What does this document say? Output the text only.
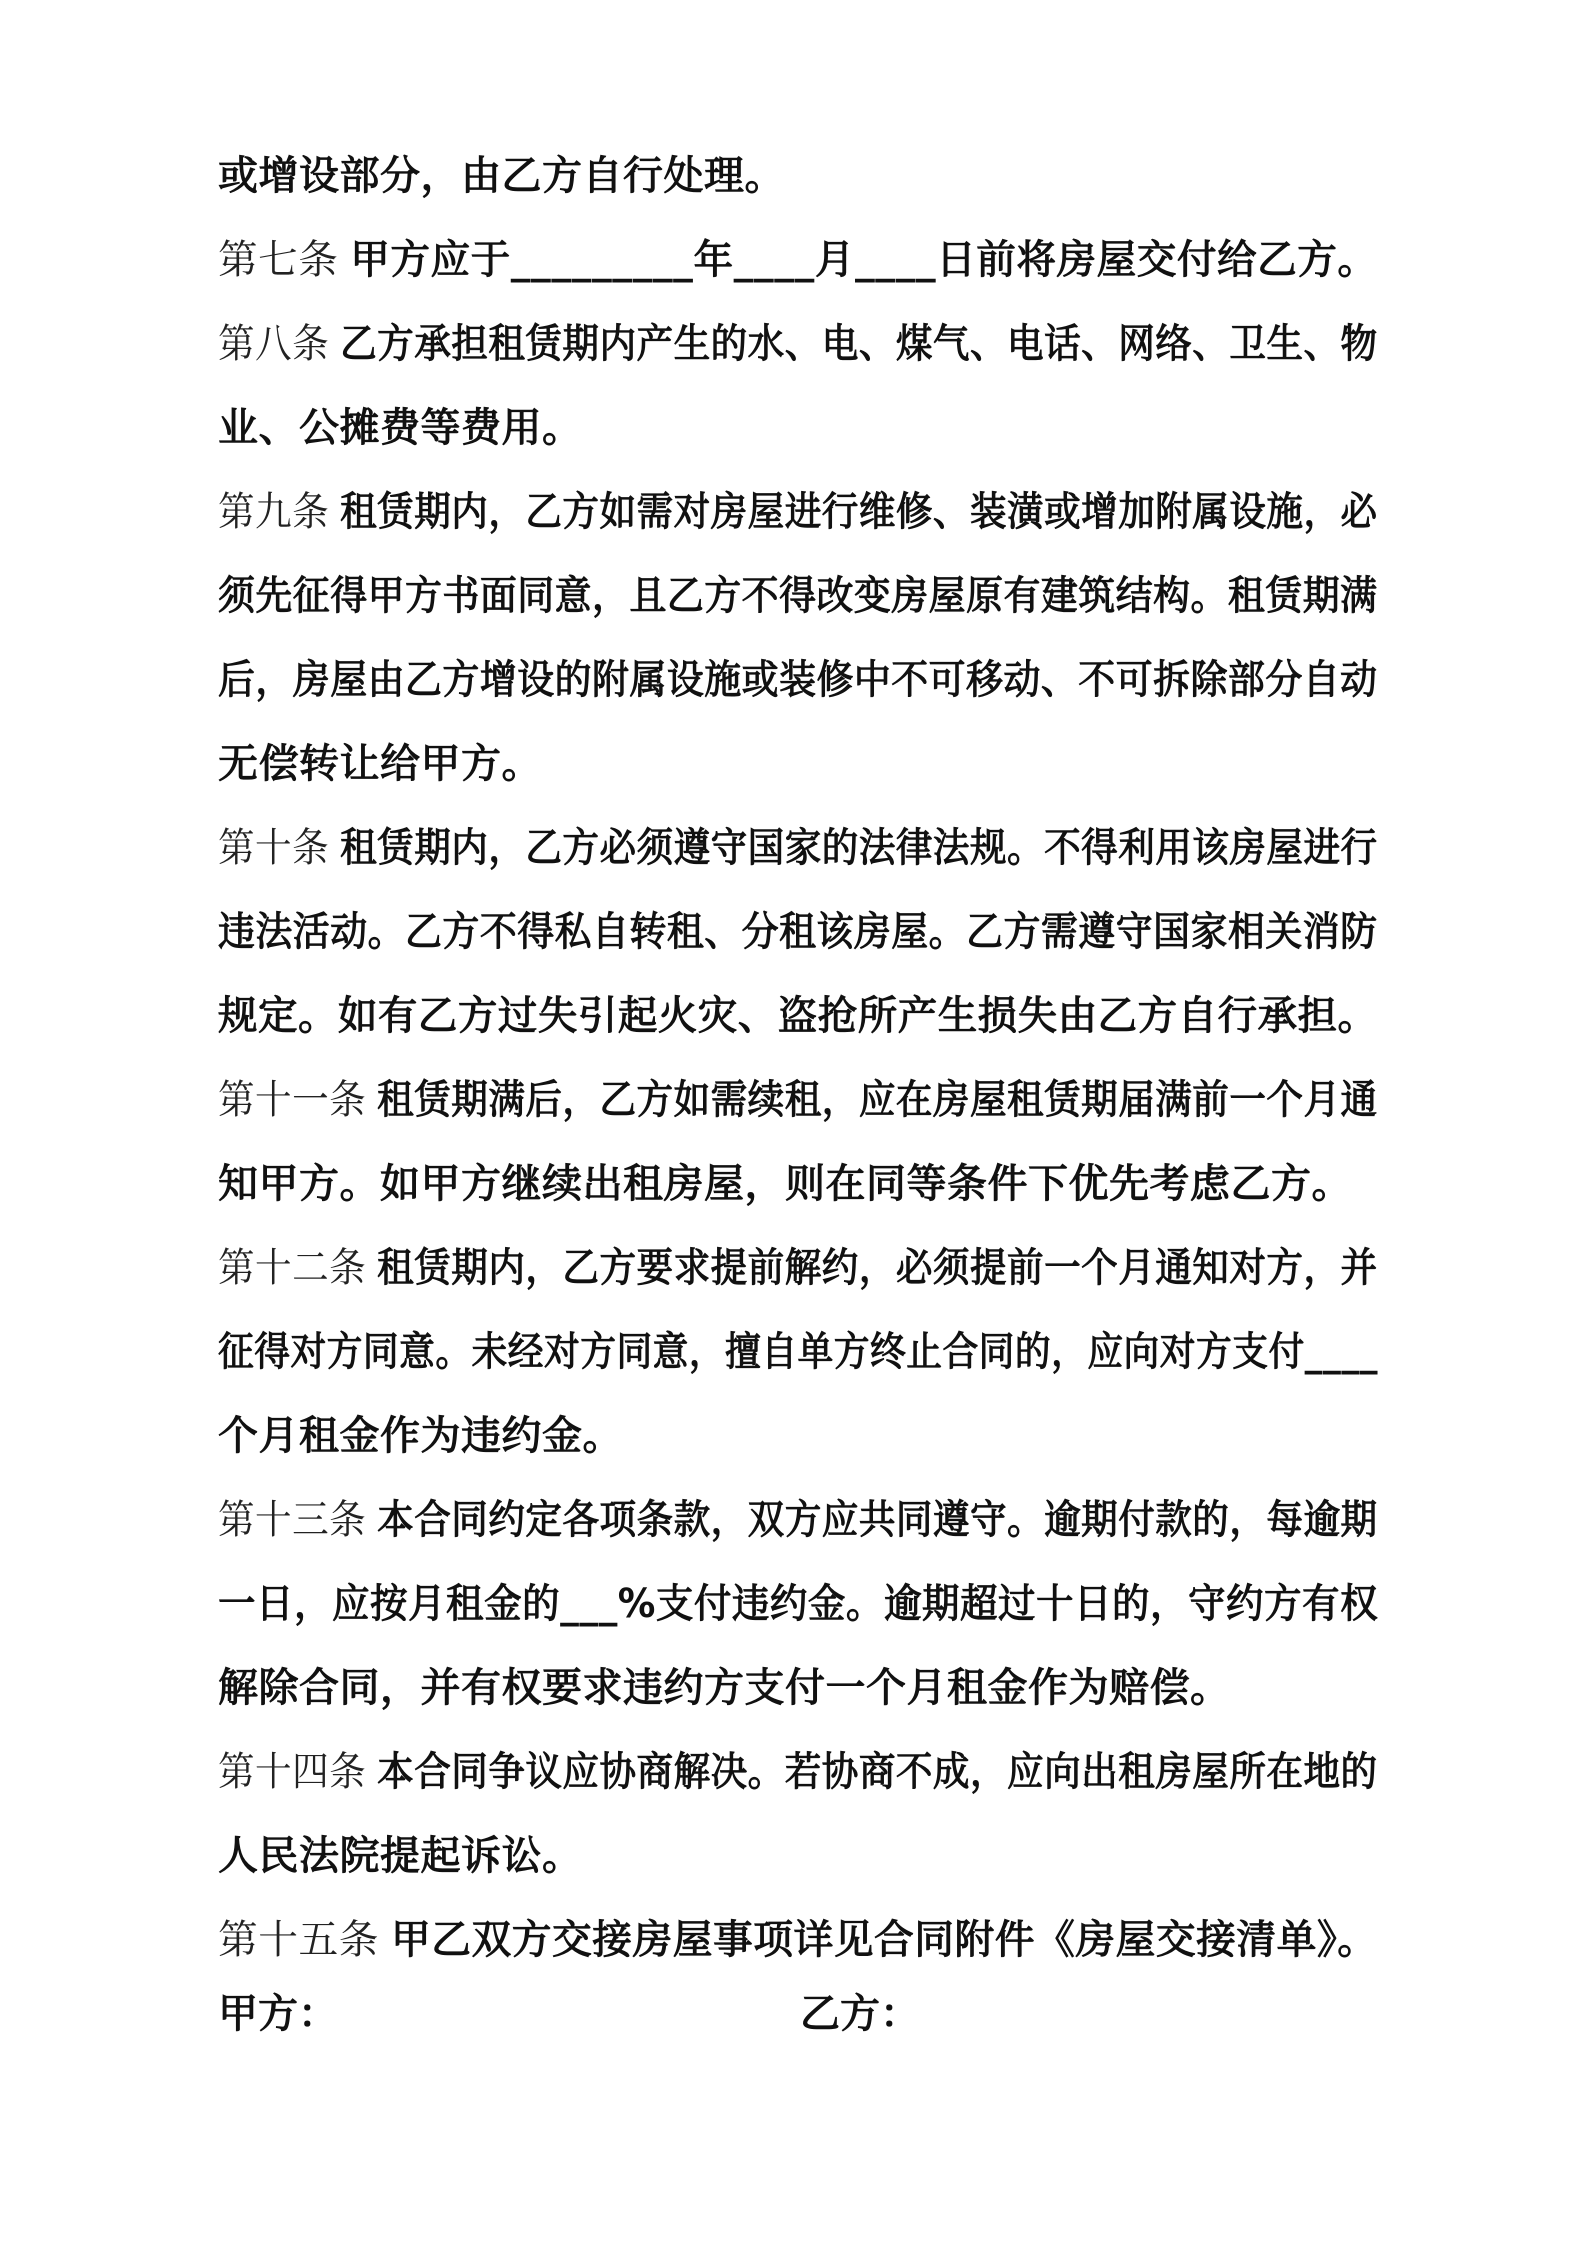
或增设部分，由乙方自行处理。
第七条 甲方应于_________年____月____日前将房屋交付给乙方。
第八条 乙方承担租赁期内产生的水、电、煤气、电话、网络、卫生、物
业、公摊费等费用。
第九条 租赁期内，乙方如需对房屋进行维修、装潢或增加附属设施，必
须先征得甲方书面同意，且乙方不得改变房屋原有建筑结构。租赁期满
后，房屋由乙方增设的附属设施或装修中不可移动、不可拆除部分自动
无偿转让给甲方。
第十条 租赁期内，乙方必须遵守国家的法律法规。不得利用该房屋进行
违法活动。乙方不得私自转租、分租该房屋。乙方需遵守国家相关消防
规定。如有乙方过失引起火灾、盗抢所产生损失由乙方自行承担。
第十一条 租赁期满后，乙方如需续租，应在房屋租赁期届满前一个月通
知甲方。如甲方继续出租房屋，则在同等条件下优先考虑乙方。
第十二条 租赁期内，乙方要求提前解约，必须提前一个月通知对方，并
征得对方同意。未经对方同意，擅自单方终止合同的，应向对方支付____
个月租金作为违约金。
第十三条 本合同约定各项条款，双方应共同遵守。逾期付款的，每逾期
一日，应按月租金的___%支付违约金。逾期超过十日的，守约方有权
解除合同，并有权要求违约方支付一个月租金作为赔偿。
第十四条 本合同争议应协商解决。若协商不成，应向出租房屋所在地的
人民法院提起诉讼。
第十五条 甲乙双方交接房屋事项详见合同附件《房屋交接清单》。
甲方：	乙方：
